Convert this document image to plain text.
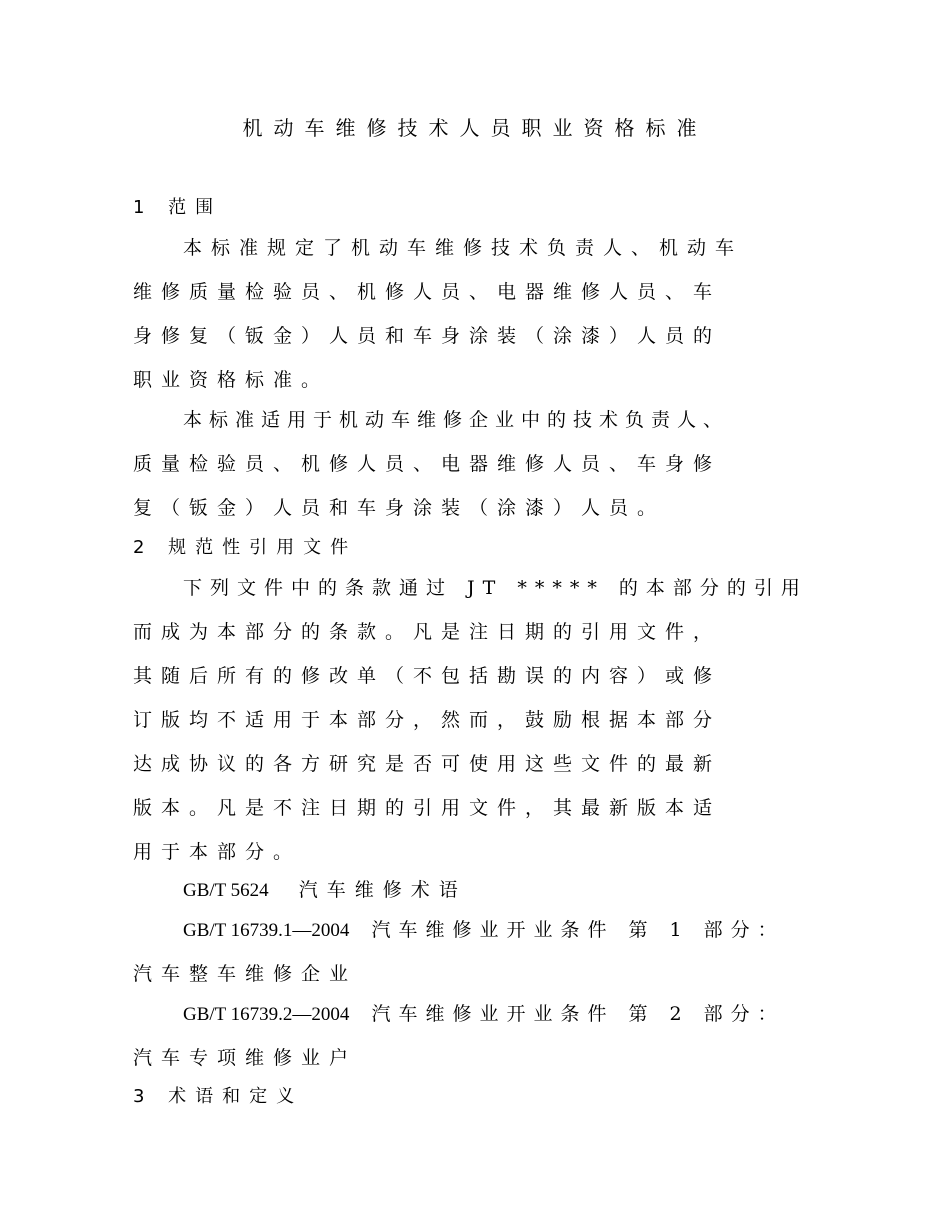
机动车维修技术人员职业资格标准

1 范围

本标准规定了机动车维修技术负责人、机动车

维修质量检验员、机修人员、电器维修人员、车

身修复（钣金）人员和车身涂装（涂漆）人员的

职业资格标准。

本标准适用于机动车维修企业中的技术负责人、

质量检验员、机修人员、电器维修人员、车身修

复（钣金）人员和车身涂装（涂漆）人员。

2 规范性引用文件

下列文件中的条款通过 JT ***** 的本部分的引用

而成为本部分的条款。凡是注日期的引用文件，

其随后所有的修改单（不包括勘误的内容）或修

订版均不适用于本部分，然而，鼓励根据本部分

达成协议的各方研究是否可使用这些文件的最新

版本。凡是不注日期的引用文件，其最新版本适

用于本部分。

GB/T 5624 汽车维修术语

GB/T 16739.1—2004 汽车维修业开业条件 第 1 部分：

汽车整车维修企业

GB/T 16739.2—2004 汽车维修业开业条件 第 2 部分：

汽车专项维修业户

3 术语和定义
